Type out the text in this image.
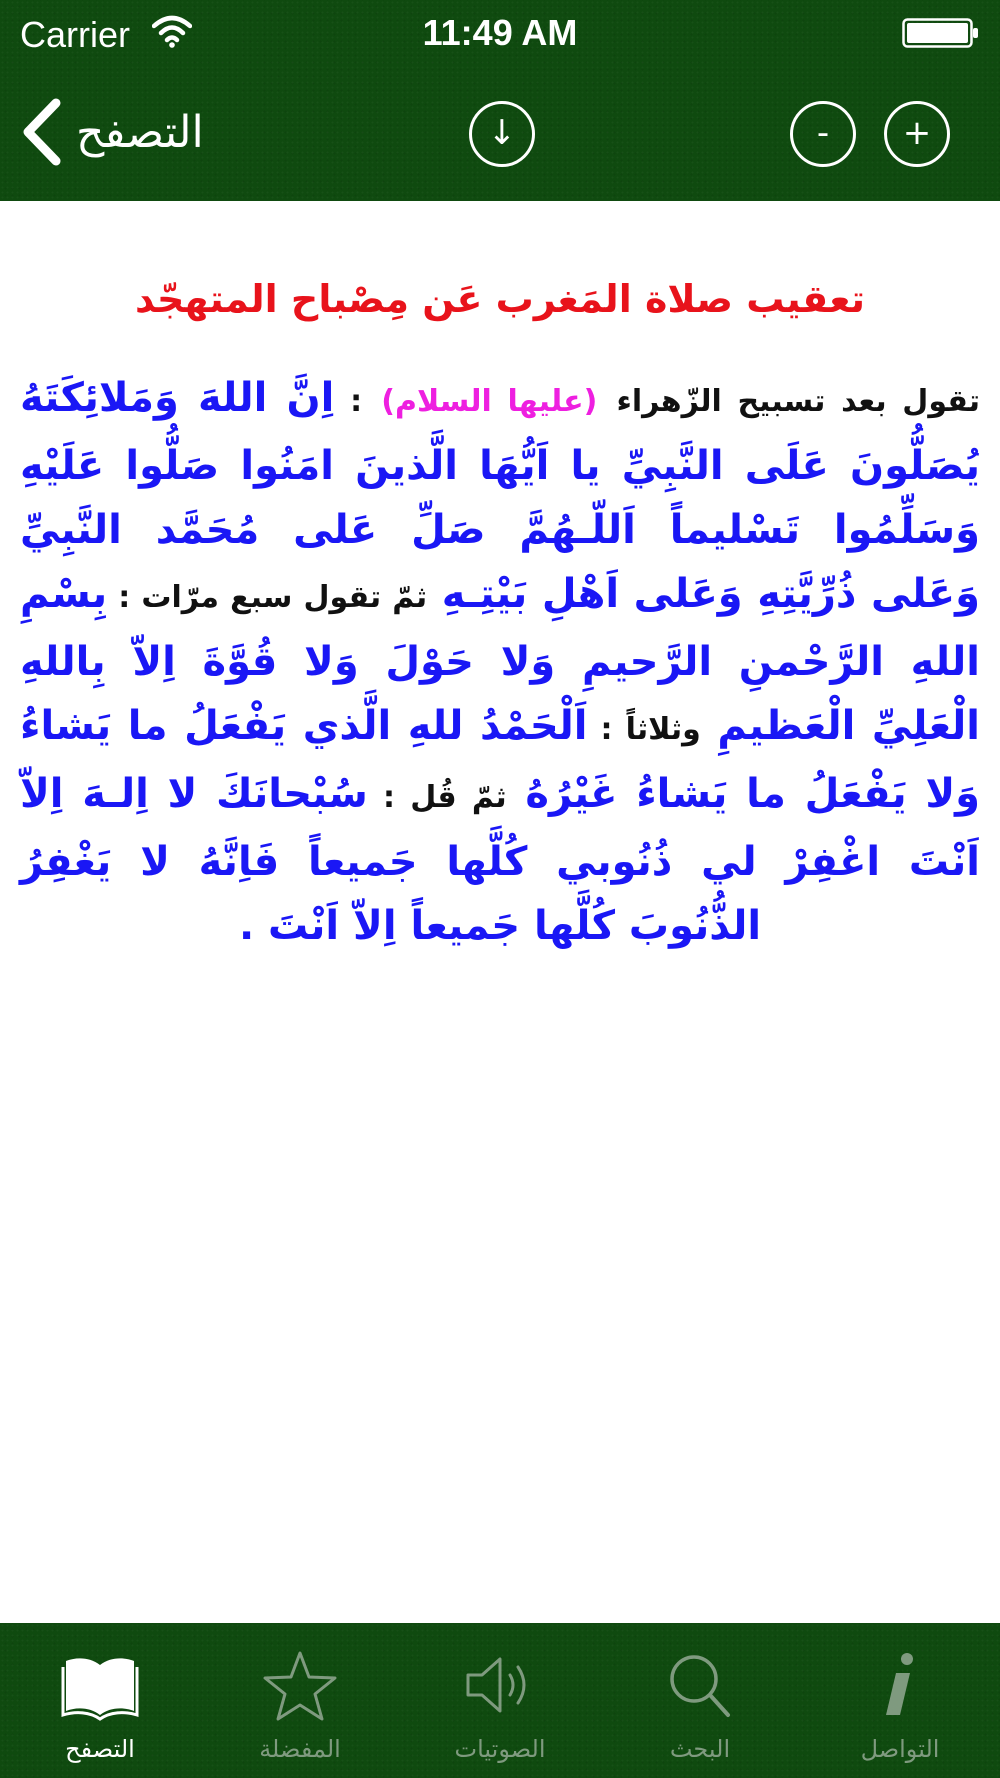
Carrier	11:49 AM
التصفح	↓	-	+
تعقيب صلاة المَغرب عَن مِصْباح المتهجّد
تقول بعد تسبيح الزّهراء (عليها السلام) : اِنَّ اللهَ وَمَلائِكَتَهُ يُصَلُّونَ عَلَى النَّبِيِّ يا اَيُّهَا الَّذينَ امَنُوا صَلُّوا عَلَيْهِ وَسَلِّمُوا تَسْليماً اَللّـهُمَّ صَلِّ عَلى مُحَمَّد النَّبِيِّ وَعَلى ذُرِّيَّتِهِ وَعَلى اَهْلِ بَيْتِـهِ ثمّ تقول سبع مرّات : بِسْمِ اللهِ الرَّحْمنِ الرَّحيمِ وَلا حَوْلَ وَلا قُوَّةَ اِلاّ بِاللهِ الْعَلِيِّ الْعَظيمِ وثلاثاً : اَلْحَمْدُ للهِ الَّذي يَفْعَلُ ما يَشاءُ وَلا يَفْعَلُ ما يَشاءُ غَيْرُهُ ثمّ قُل : سُبْحانَكَ لا اِلـهَ اِلاّ اَنْتَ اغْفِرْ لي ذُنُوبي كُلَّها جَميعاً فَاِنَّهُ لا يَغْفِرُ الذُّنُوبَ كُلَّها جَميعاً اِلاّ اَنْتَ .
التصفح	المفضلة	الصوتيات	البحث	التواصل
